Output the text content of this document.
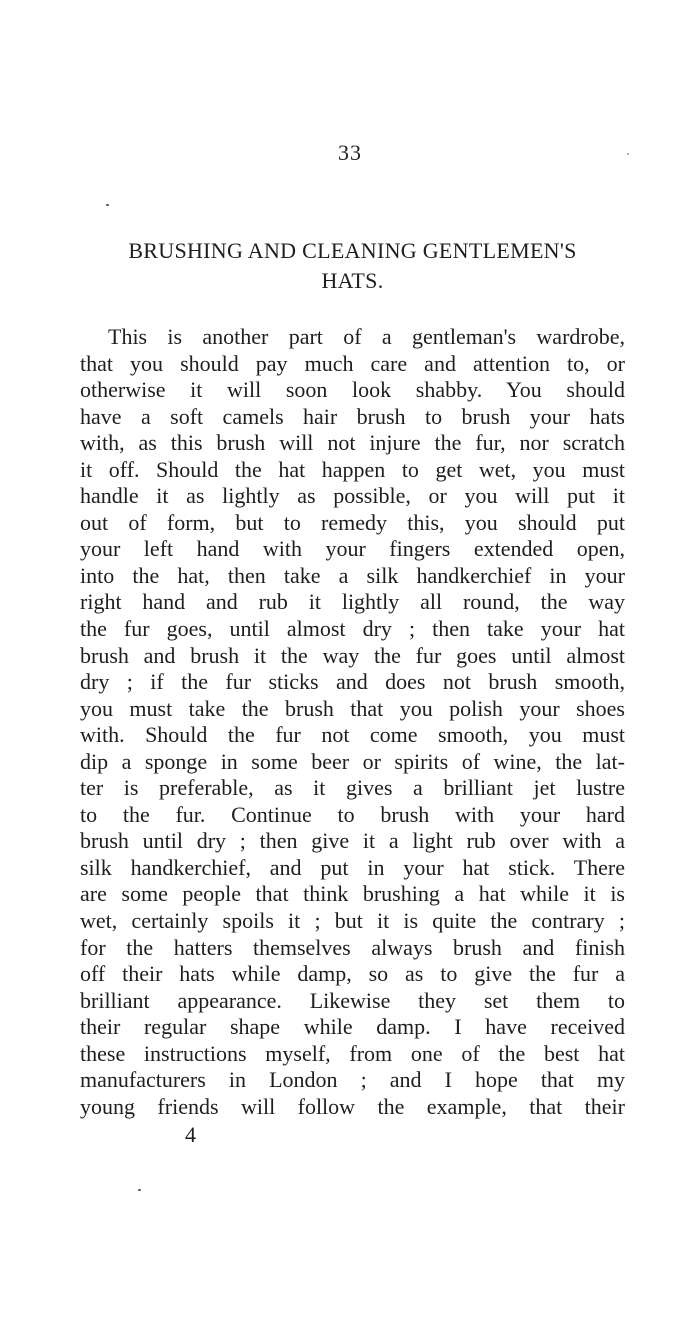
33
BRUSHING AND CLEANING GENTLEMEN'S
HATS.
This is another part of a gentleman's wardrobe,
that you should pay much care and attention to, or
otherwise it will soon look shabby. You should
have a soft camels hair brush to brush your hats
with, as this brush will not injure the fur, nor scratch
it off. Should the hat happen to get wet, you must
handle it as lightly as possible, or you will put it
out of form, but to remedy this, you should put
your left hand with your fingers extended open,
into the hat, then take a silk handkerchief in your
right hand and rub it lightly all round, the way
the fur goes, until almost dry ; then take your hat
brush and brush it the way the fur goes until almost
dry ; if the fur sticks and does not brush smooth,
you must take the brush that you polish your shoes
with. Should the fur not come smooth, you must
dip a sponge in some beer or spirits of wine, the lat-
ter is preferable, as it gives a brilliant jet lustre
to the fur. Continue to brush with your hard
brush until dry ; then give it a light rub over with a
silk handkerchief, and put in your hat stick. There
are some people that think brushing a hat while it is
wet, certainly spoils it ; but it is quite the contrary ;
for the hatters themselves always brush and finish
off their hats while damp, so as to give the fur a
brilliant appearance. Likewise they set them to
their regular shape while damp. I have received
these instructions myself, from one of the best hat
manufacturers in London ; and I hope that my
young friends will follow the example, that their
4
